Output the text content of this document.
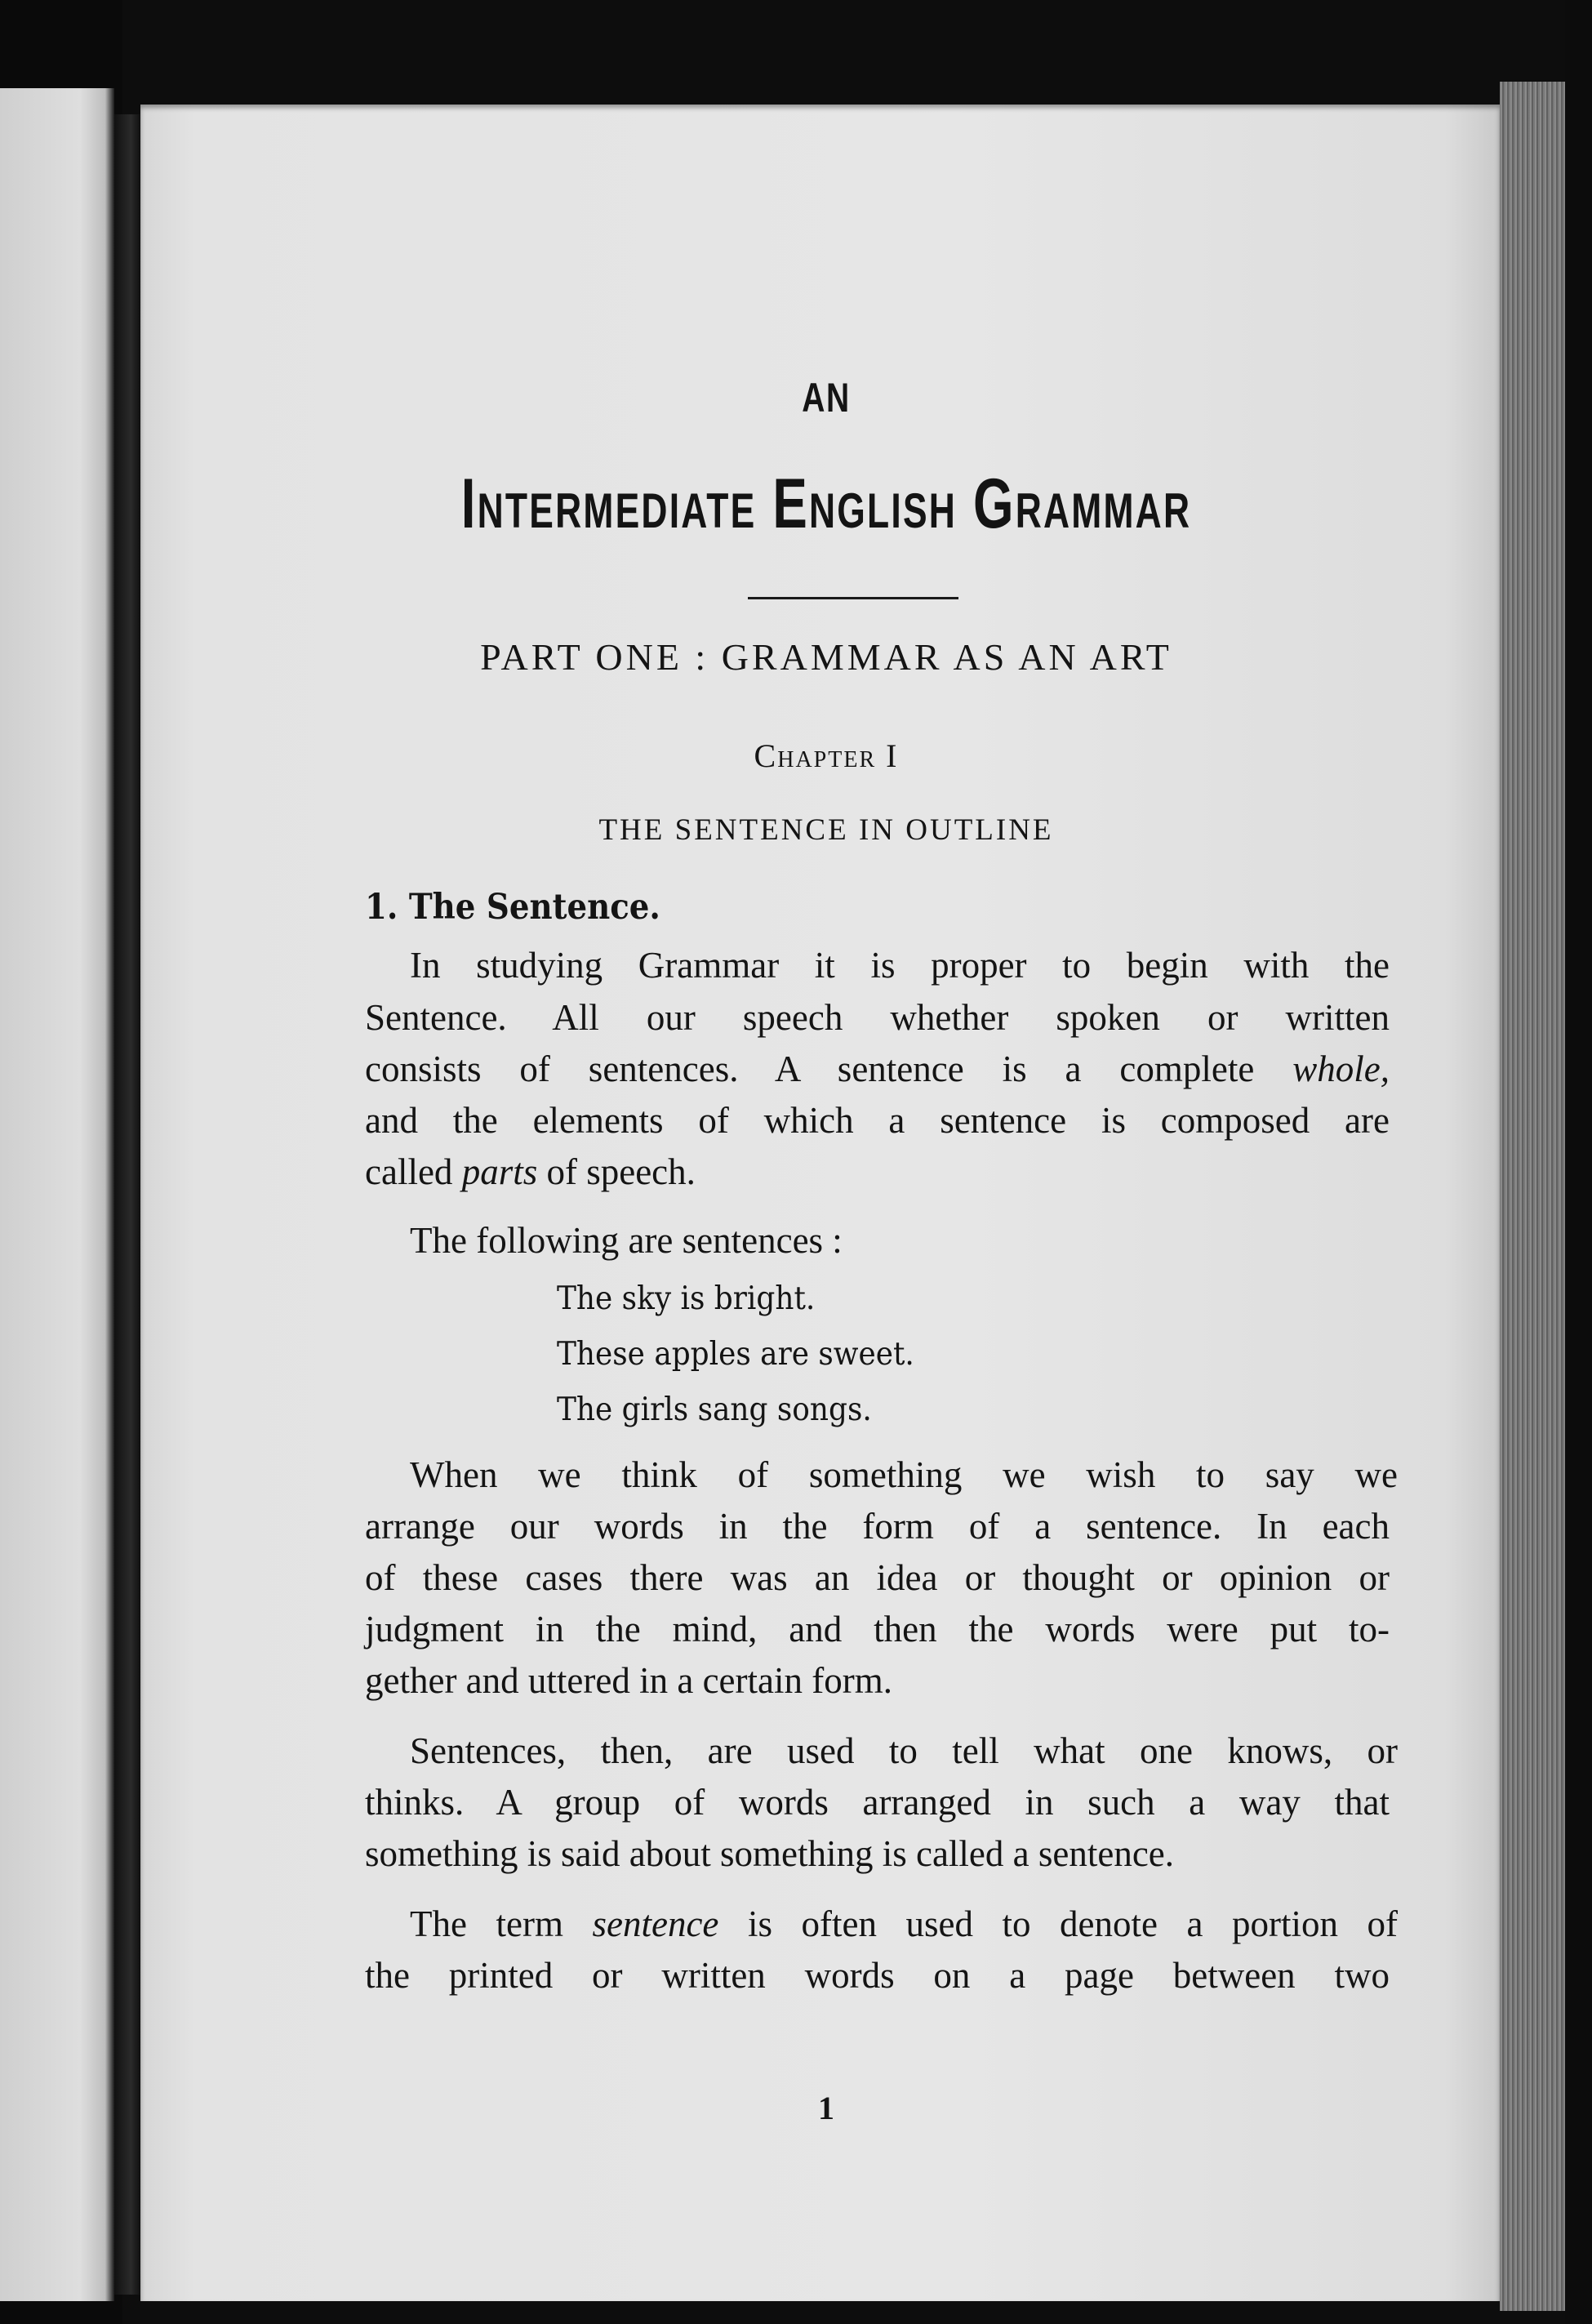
AN
Intermediate English Grammar
PART ONE : GRAMMAR AS AN ART
Chapter I
THE SENTENCE IN OUTLINE
1. The Sentence.
In studying Grammar it is proper to begin with the
Sentence. All our speech whether spoken or written
consists of sentences. A sentence is a complete whole,
and the elements of which a sentence is composed are
called parts of speech.
The following are sentences :
The sky is bright.
These apples are sweet.
The girls sang songs.
When we think of something we wish to say we
arrange our words in the form of a sentence. In each
of these cases there was an idea or thought or opinion or
judgment in the mind, and then the words were put to-
gether and uttered in a certain form.
Sentences, then, are used to tell what one knows, or
thinks. A group of words arranged in such a way that
something is said about something is called a sentence.
The term sentence is often used to denote a portion of
the printed or written words on a page between two
1
